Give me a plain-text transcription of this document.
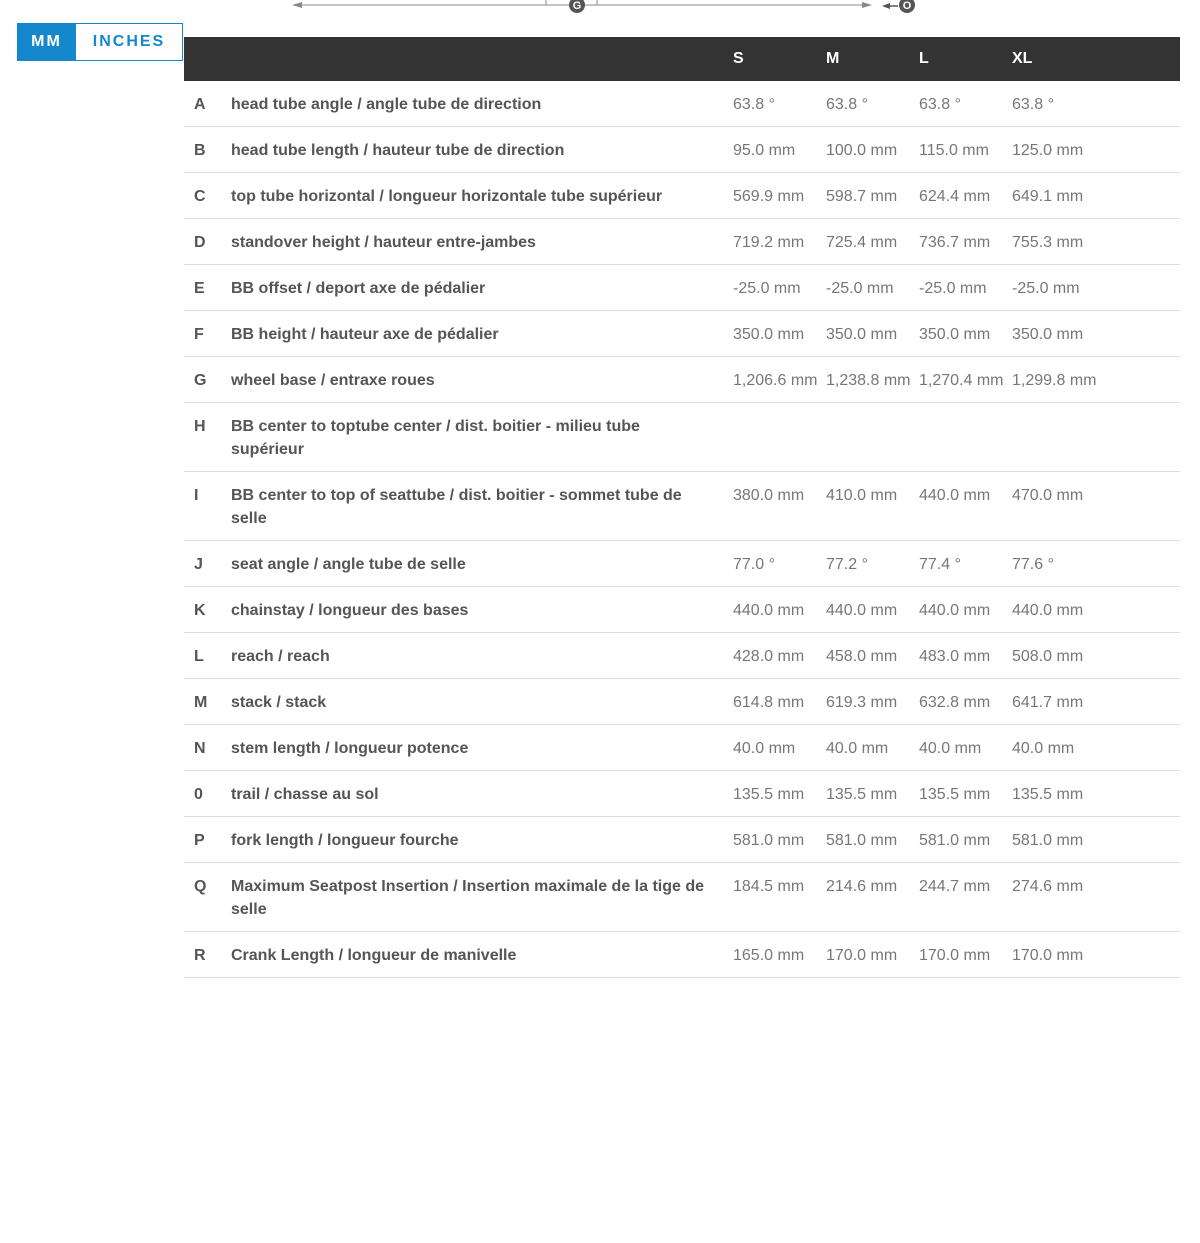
G	O
MM	INCHES
		S	M	L	XL
A	head tube angle / angle tube de direction	63.8 °	63.8 °	63.8 °	63.8 °
B	head tube length / hauteur tube de direction	95.0 mm	100.0 mm	115.0 mm	125.0 mm
C	top tube horizontal / longueur horizontale tube supérieur	569.9 mm	598.7 mm	624.4 mm	649.1 mm
D	standover height / hauteur entre-jambes	719.2 mm	725.4 mm	736.7 mm	755.3 mm
E	BB offset / deport axe de pédalier	-25.0 mm	-25.0 mm	-25.0 mm	-25.0 mm
F	BB height / hauteur axe de pédalier	350.0 mm	350.0 mm	350.0 mm	350.0 mm
G	wheel base / entraxe roues	1,206.6 mm	1,238.8 mm	1,270.4 mm	1,299.8 mm
H	BB center to toptube center / dist. boitier - milieu tube supérieur				
I	BB center to top of seattube / dist. boitier - sommet tube de selle	380.0 mm	410.0 mm	440.0 mm	470.0 mm
J	seat angle / angle tube de selle	77.0 °	77.2 °	77.4 °	77.6 °
K	chainstay / longueur des bases	440.0 mm	440.0 mm	440.0 mm	440.0 mm
L	reach / reach	428.0 mm	458.0 mm	483.0 mm	508.0 mm
M	stack / stack	614.8 mm	619.3 mm	632.8 mm	641.7 mm
N	stem length / longueur potence	40.0 mm	40.0 mm	40.0 mm	40.0 mm
0	trail / chasse au sol	135.5 mm	135.5 mm	135.5 mm	135.5 mm
P	fork length / longueur fourche	581.0 mm	581.0 mm	581.0 mm	581.0 mm
Q	Maximum Seatpost Insertion / Insertion maximale de la tige de selle	184.5 mm	214.6 mm	244.7 mm	274.6 mm
R	Crank Length / longueur de manivelle	165.0 mm	170.0 mm	170.0 mm	170.0 mm
